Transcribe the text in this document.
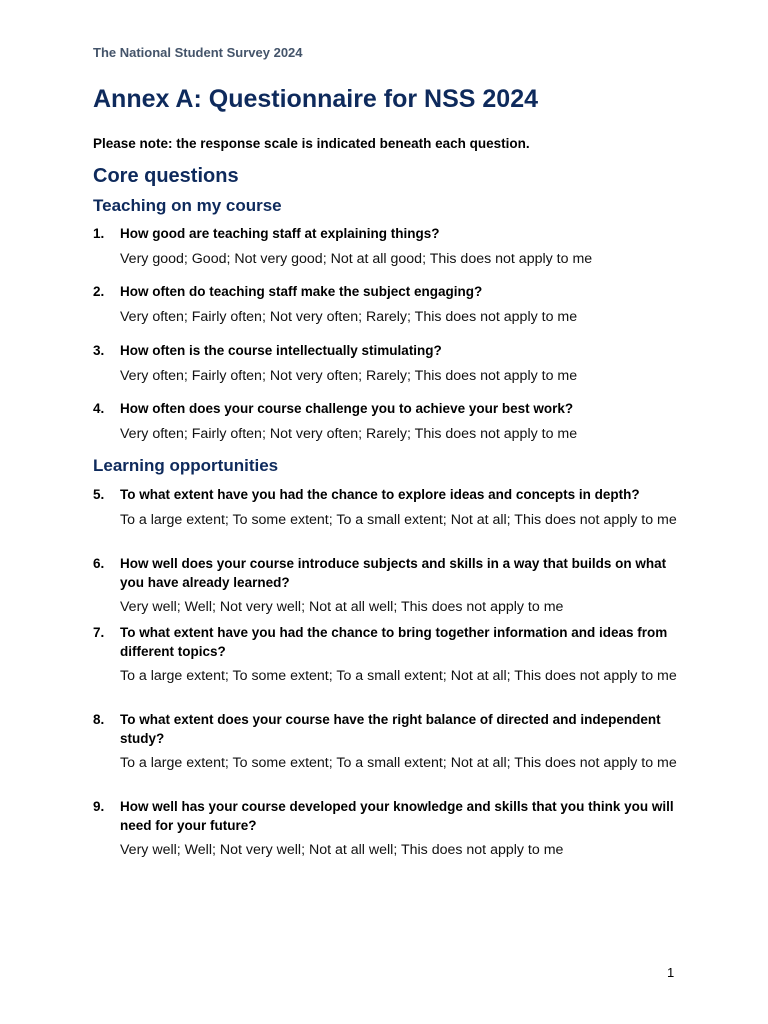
The National Student Survey 2024
Annex A: Questionnaire for NSS 2024
Please note: the response scale is indicated beneath each question.
Core questions
Teaching on my course
1. How good are teaching staff at explaining things?
Very good; Good; Not very good; Not at all good; This does not apply to me
2. How often do teaching staff make the subject engaging?
Very often; Fairly often; Not very often; Rarely; This does not apply to me
3. How often is the course intellectually stimulating?
Very often; Fairly often; Not very often; Rarely; This does not apply to me
4. How often does your course challenge you to achieve your best work?
Very often; Fairly often; Not very often; Rarely; This does not apply to me
Learning opportunities
5. To what extent have you had the chance to explore ideas and concepts in depth?
To a large extent; To some extent; To a small extent; Not at all; This does not apply to me
6. How well does your course introduce subjects and skills in a way that builds on what you have already learned?
Very well; Well; Not very well; Not at all well; This does not apply to me
7. To what extent have you had the chance to bring together information and ideas from different topics?
To a large extent; To some extent; To a small extent; Not at all; This does not apply to me
8. To what extent does your course have the right balance of directed and independent study?
To a large extent; To some extent; To a small extent; Not at all; This does not apply to me
9. How well has your course developed your knowledge and skills that you think you will need for your future?
Very well; Well; Not very well; Not at all well; This does not apply to me
1
